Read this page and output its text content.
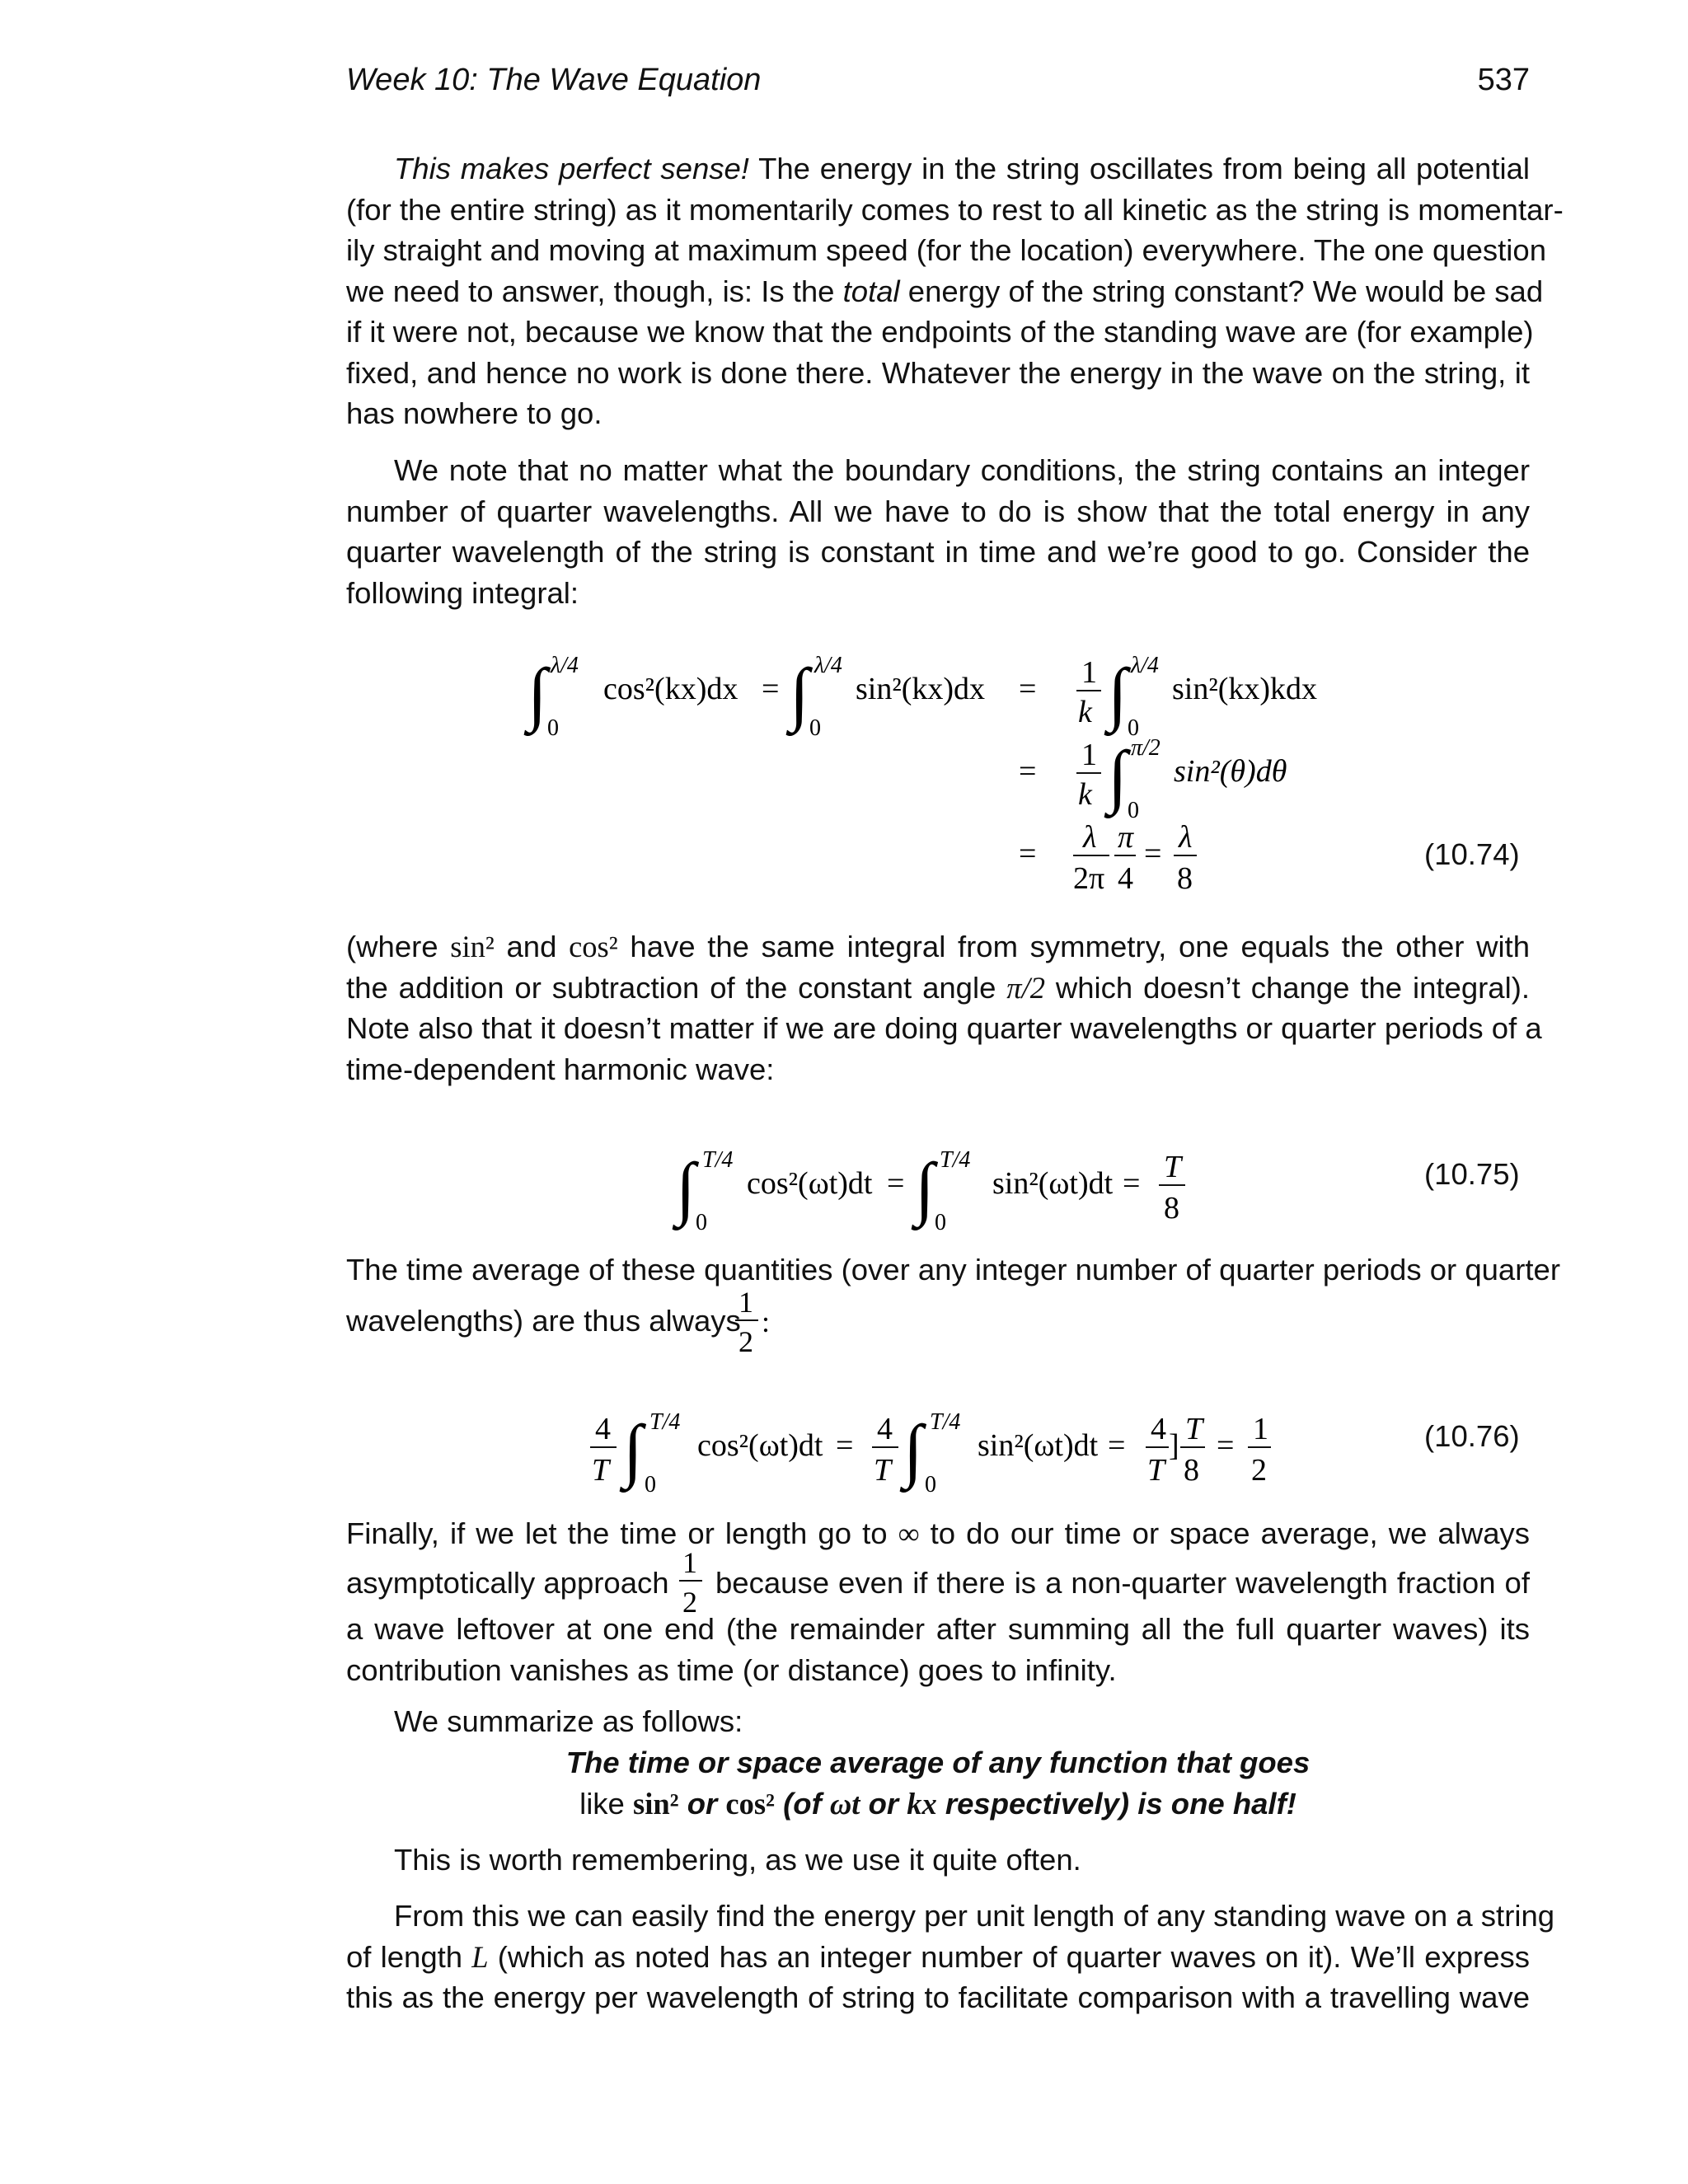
Week 10: The Wave Equation	537
This makes perfect sense! The energy in the string oscillates from being all potential
(for the entire string) as it momentarily comes to rest to all kinetic as the string is momentar-
ily straight and moving at maximum speed (for the location) everywhere. The one question
we need to answer, though, is: Is the total energy of the string constant? We would be sad
if it were not, because we know that the endpoints of the standing wave are (for example)
fixed, and hence no work is done there. Whatever the energy in the wave on the string, it
has nowhere to go.
We note that no matter what the boundary conditions, the string contains an integer
number of quarter wavelengths. All we have to do is show that the total energy in any
quarter wavelength of the string is constant in time and we’re good to go. Consider the
following integral:
∫ λ/4
0
cos²(kx)dx = ∫ λ/4
0
sin²(kx)dx = 1
k ∫ λ/4
0
sin²(kx)kdx
= 1
k ∫ π/2
0
sin²(θ)dθ
= λ
2π
π
4
= λ
8
(10.74)
(where sin² and cos² have the same integral from symmetry, one equals the other with
the addition or subtraction of the constant angle π/2 which doesn’t change the integral).
Note also that it doesn’t matter if we are doing quarter wavelengths or quarter periods of a
time-dependent harmonic wave:
∫ T/4
0
cos²(ωt)dt = ∫ T/4
0
sin²(ωt)dt = T
8
(10.75)
The time average of these quantities (over any integer number of quarter periods or quarter
wavelengths) are thus always
1
2
:
4
T ∫ T/4
0
cos²(ωt)dt = 4
T ∫ T/4
0
sin²(ωt)dt = 4
T
] T
8
= 1
2
(10.76)
Finally, if we let the time or length go to ∞ to do our time or space average, we always
asymptotically approach
1
2
because even if there is a non-quarter wavelength fraction of
a wave leftover at one end (the remainder after summing all the full quarter waves) its
contribution vanishes as time (or distance) goes to infinity.
We summarize as follows:
The time or space average of any function that goes
like sin² or cos² (of ωt or kx respectively) is one half!
This is worth remembering, as we use it quite often.
From this we can easily find the energy per unit length of any standing wave on a string
of length L (which as noted has an integer number of quarter waves on it). We’ll express
this as the energy per wavelength of string to facilitate comparison with a travelling wave
